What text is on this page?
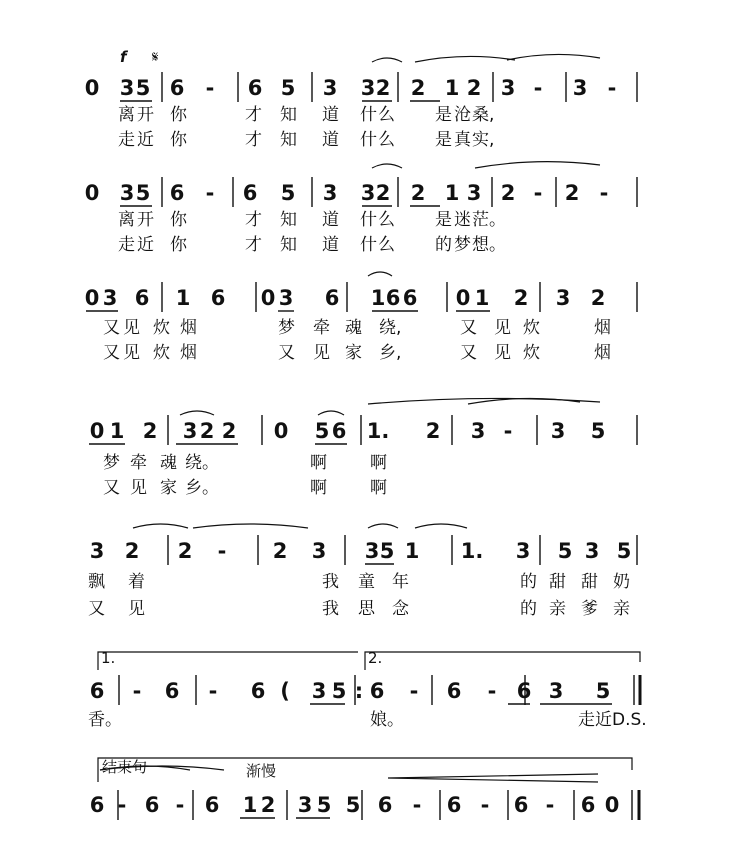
0 3 5 6 - 6 5 3 3 2 2 1 2 3 - 3 -
0 3 5 6 - 6 5 3 3 2 2 1 3 2 - 2 -
0 3 6 1 6 0 3 6 1 6 6 0 1 2 3 2
0 1 2 3 2 2 0 5 6 1. 2 3 - 3 5
3 2 2 - 2 3 3 5 1 1. 3 5 3 5
6 - 6 - 6 ( 3 5 : 6 - 6 - 6 3 5
6 - 6 - 6 1 2 3 5 5 6 - 6 - 6 - 6 0
离 开 你	才 知 道 什 么 是 沧 桑,
走 近 你	才 知 道 什 么 是 真 实,
离 开 你	才 知 道 什 么 是 迷 茫。
走 近 你	才 知 道 什 么 的 梦 想。
又 见 炊 烟	梦 牵 魂 绕,	又 见 炊	烟
又 见 炊 烟	又 见 家 乡,	又 见 炊	烟
梦 牵 魂 绕。	啊	啊
又 见 家 乡。	啊	啊
飘 着	我 童 年	的 甜 甜 奶
又 见	我 思 念	的 亲 爹 亲
香。	娘。	走近D.S.
f 𝄋
1.	2.
结束句	渐慢
